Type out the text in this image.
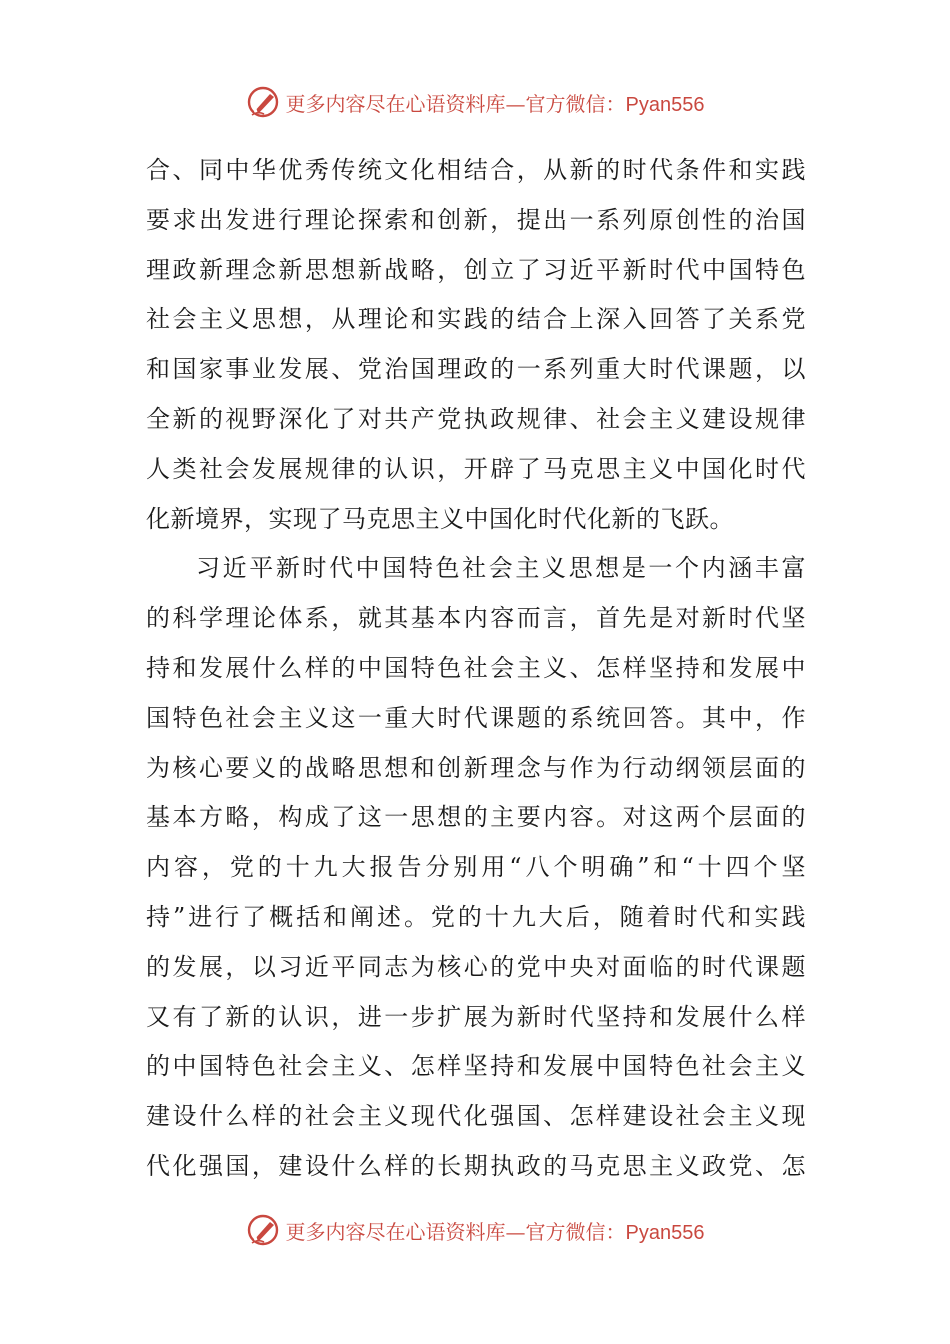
更多内容尽在心语资料库—官方微信：Pyan556
合、同中华优秀传统文化相结合，从新的时代条件和实践
要求出发进行理论探索和创新，提出一系列原创性的治国
理政新理念新思想新战略，创立了习近平新时代中国特色
社会主义思想，从理论和实践的结合上深入回答了关系党
和国家事业发展、党治国理政的一系列重大时代课题，以
全新的视野深化了对共产党执政规律、社会主义建设规律
人类社会发展规律的认识，开辟了马克思主义中国化时代
化新境界，实现了马克思主义中国化时代化新的飞跃。
习近平新时代中国特色社会主义思想是一个内涵丰富
的科学理论体系，就其基本内容而言，首先是对新时代坚
持和发展什么样的中国特色社会主义、怎样坚持和发展中
国特色社会主义这一重大时代课题的系统回答。其中，作
为核心要义的战略思想和创新理念与作为行动纲领层面的
基本方略，构成了这一思想的主要内容。对这两个层面的
内容，党的十九大报告分别用“八个明确”和“十四个坚
持”进行了概括和阐述。党的十九大后，随着时代和实践
的发展，以习近平同志为核心的党中央对面临的时代课题
又有了新的认识，进一步扩展为新时代坚持和发展什么样
的中国特色社会主义、怎样坚持和发展中国特色社会主义
建设什么样的社会主义现代化强国、怎样建设社会主义现
代化强国，建设什么样的长期执政的马克思主义政党、怎
更多内容尽在心语资料库—官方微信：Pyan556
